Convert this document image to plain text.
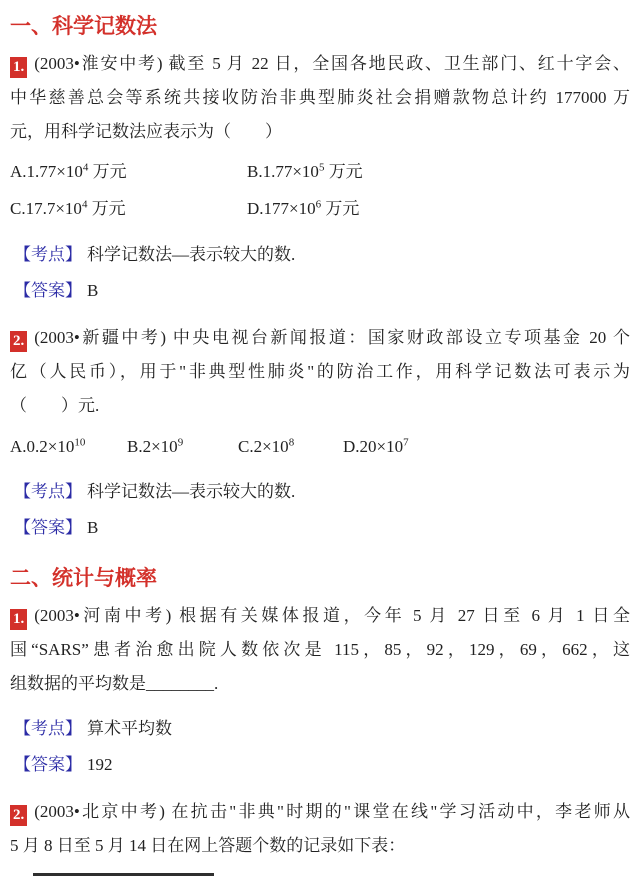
一、科学记数法
1. (2003•淮安中考) 截至 5 月 22 日，全国各地民政、卫生部门、红十字会、
中华慈善总会等系统共接收防治非典型肺炎社会捐赠款物总计约 177000 万
元，用科学记数法应表示为（　　）
$A.1.77\times 10^4$ 万元	$B.1.77\times 10^5$ 万元
$C.17.7\times 10^4$ 万元	$D.177\times 10^6$ 万元
【考点】 科学记数法—表示较大的数.
【答案】 B
2. (2003•新疆中考) 中央电视台新闻报道：国家财政部设立专项基金 20 个
亿（人民币），用于"非典型性肺炎"的防治工作，用科学记数法可表示为
（　　）元.
$A.0.2\times 10^{10}$	$B.2\times 10^9$	$C.2\times 10^8$	$D.20\times 10^7$
【考点】 科学记数法—表示较大的数.
【答案】 B
二、统计与概率
1. (2003•河南中考) 根据有关媒体报道，今年 5 月 27 日至 6 月 1 日全
国“SARS”患者治愈出院人数依次是 115，85，92，129，69，662，这
组数据的平均数是________.
【考点】 算术平均数
【答案】 192
2. (2003•北京中考) 在抗击"非典"时期的"课堂在线"学习活动中，李老师从
5 月 8 日至 5 月 14 日在网上答题个数的记录如下表：
